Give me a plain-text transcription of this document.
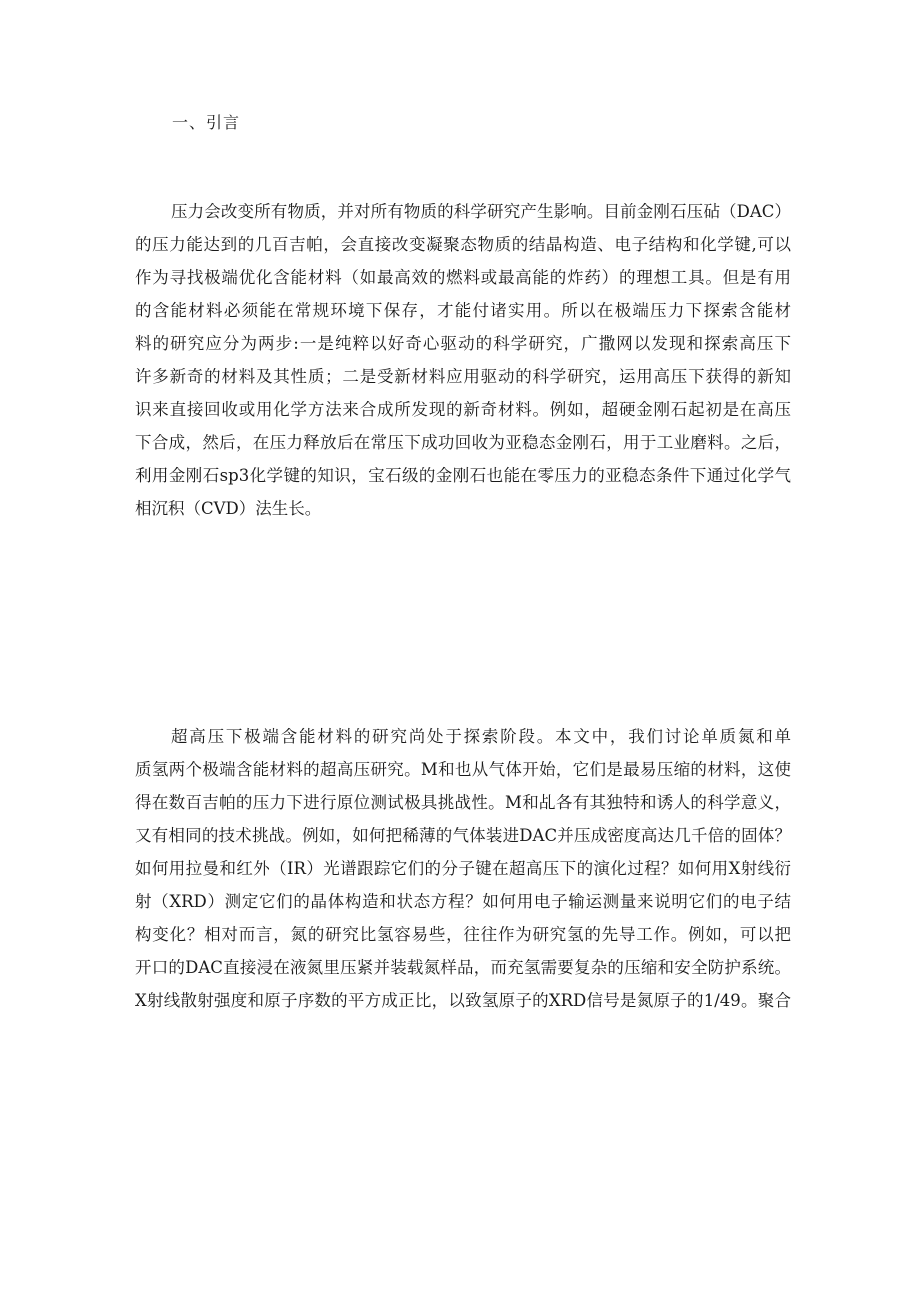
一、引言
压力会改变所有物质，并对所有物质的科学研究产生影响。目前金刚石压砧（DAC）
的压力能达到的几百吉帕，会直接改变凝聚态物质的结晶构造、电子结构和化学键,可以
作为寻找极端优化含能材料（如最高效的燃料或最高能的炸药）的理想工具。但是有用
的含能材料必须能在常规环境下保存，才能付诸实用。所以在极端压力下探索含能材
料的研究应分为两步:一是纯粹以好奇心驱动的科学研究，广撒网以发现和探索高压下
许多新奇的材料及其性质；二是受新材料应用驱动的科学研究，运用高压下获得的新知
识来直接回收或用化学方法来合成所发现的新奇材料。例如，超硬金刚石起初是在高压
下合成，然后，在压力释放后在常压下成功回收为亚稳态金刚石，用于工业磨料。之后，
利用金刚石sp3化学键的知识，宝石级的金刚石也能在零压力的亚稳态条件下通过化学气
相沉积（CVD）法生长。
超高压下极端含能材料的研究尚处于探索阶段。本文中，我们讨论单质氮和单
质氢两个极端含能材料的超高压研究。M和也从气体开始，它们是最易压缩的材料，这使
得在数百吉帕的压力下进行原位测试极具挑战性。M和乩各有其独特和诱人的科学意义，
又有相同的技术挑战。例如，如何把稀薄的气体装进DAC并压成密度高达几千倍的固体？
如何用拉曼和红外（IR）光谱跟踪它们的分子键在超高压下的演化过程？如何用X射线衍
射（XRD）测定它们的晶体构造和状态方程？如何用电子输运测量来说明它们的电子结
构变化？相对而言，氮的研究比氢容易些，往往作为研究氢的先导工作。例如，可以把
开口的DAC直接浸在液氮里压紧并装载氮样品，而充氢需要复杂的压缩和安全防护系统。
X射线散射强度和原子序数的平方成正比，以致氢原子的XRD信号是氮原子的1/49。聚合
